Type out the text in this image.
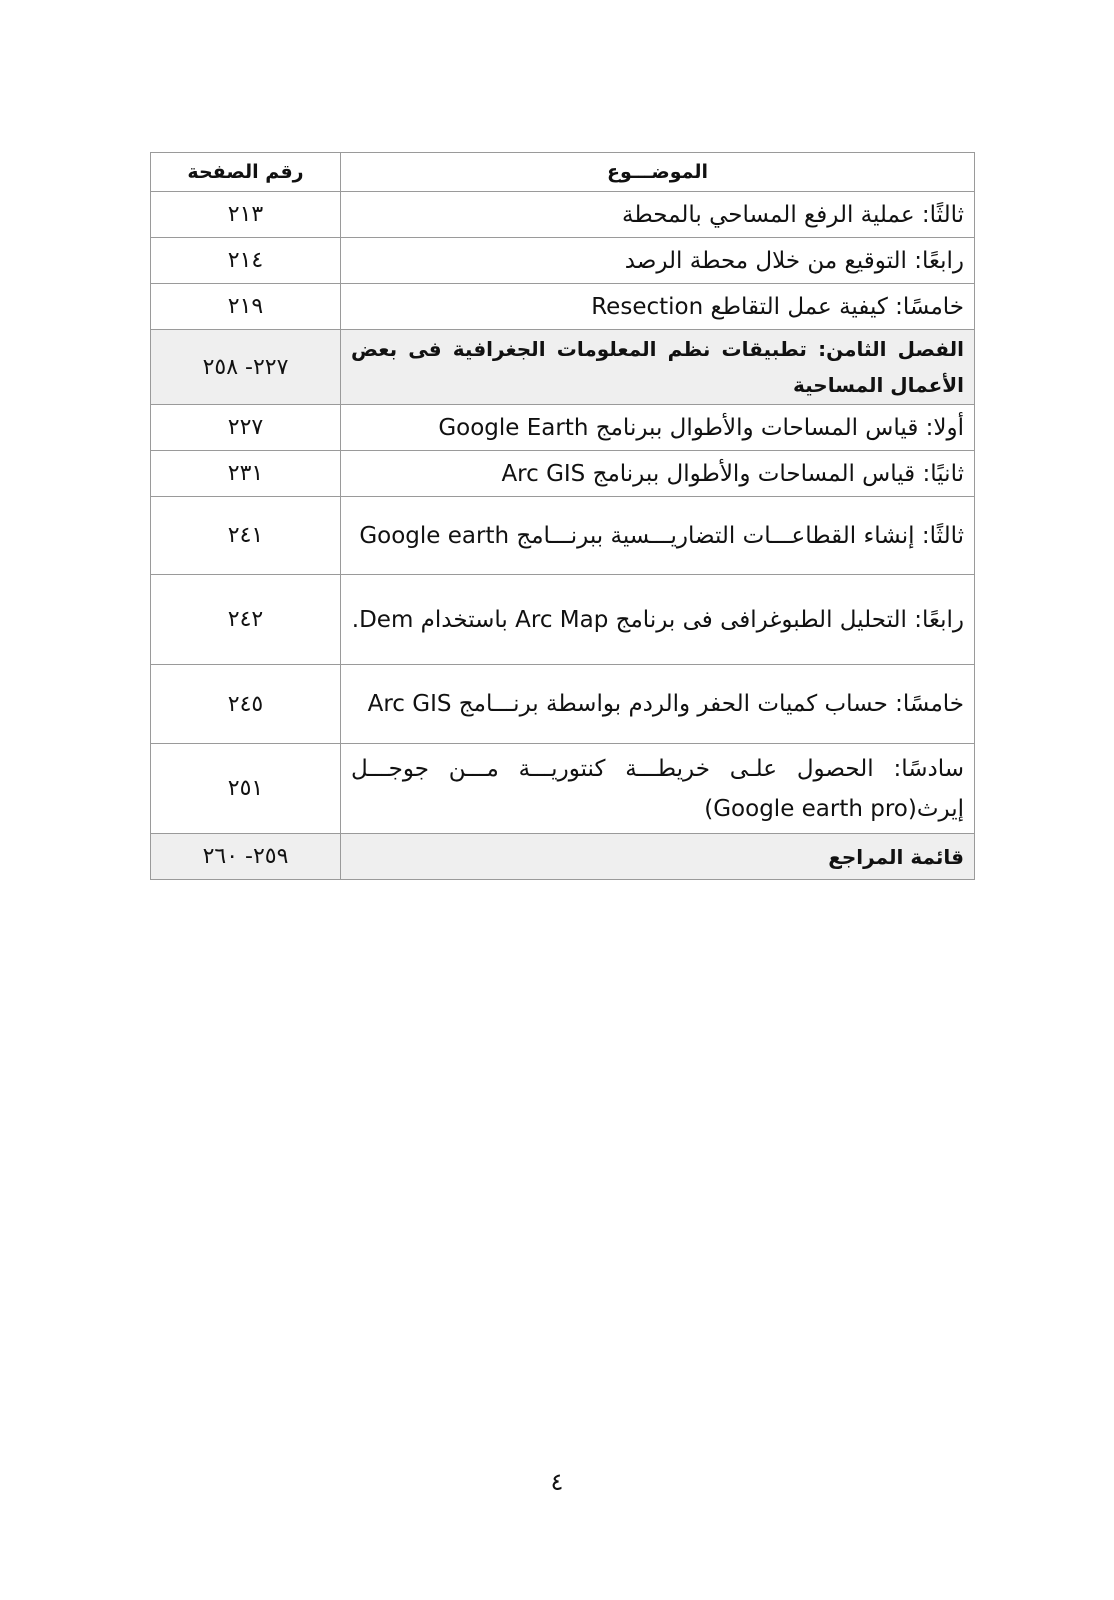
الموضـــوع	رقم الصفحة
ثالثًا: عملية الرفع المساحي بالمحطة	٢١٣
رابعًا: التوقيع من خلال محطة الرصد	٢١٤
خامسًا: كيفية عمل التقاطع Resection	٢١٩
الفصل الثامن: تطبيقات نظم المعلومات الجغرافية فى بعض الأعمال المساحية	٢٢٧- ٢٥٨
أولا: قياس المساحات والأطوال ببرنامج Google Earth	٢٢٧
ثانيًا: قياس المساحات والأطوال ببرنامج Arc GIS	٢٣١
ثالثًا: إنشاء القطاعـــات التضاريـــسية ببرنـــامج Google earth	٢٤١
رابعًا: التحليل الطبوغرافى فى برنامج Arc Map باستخدام Dem.	٢٤٢
خامسًا: حساب كميات الحفر والردم بواسطة برنـــامج Arc GIS	٢٤٥
سادسًا: الحصول علـى خريطـــة كنتوريـــة مـــن جوجـــل إيرث(Google earth pro)	٢٥١
قائمة المراجع	٢٥٩- ٢٦٠
٤
